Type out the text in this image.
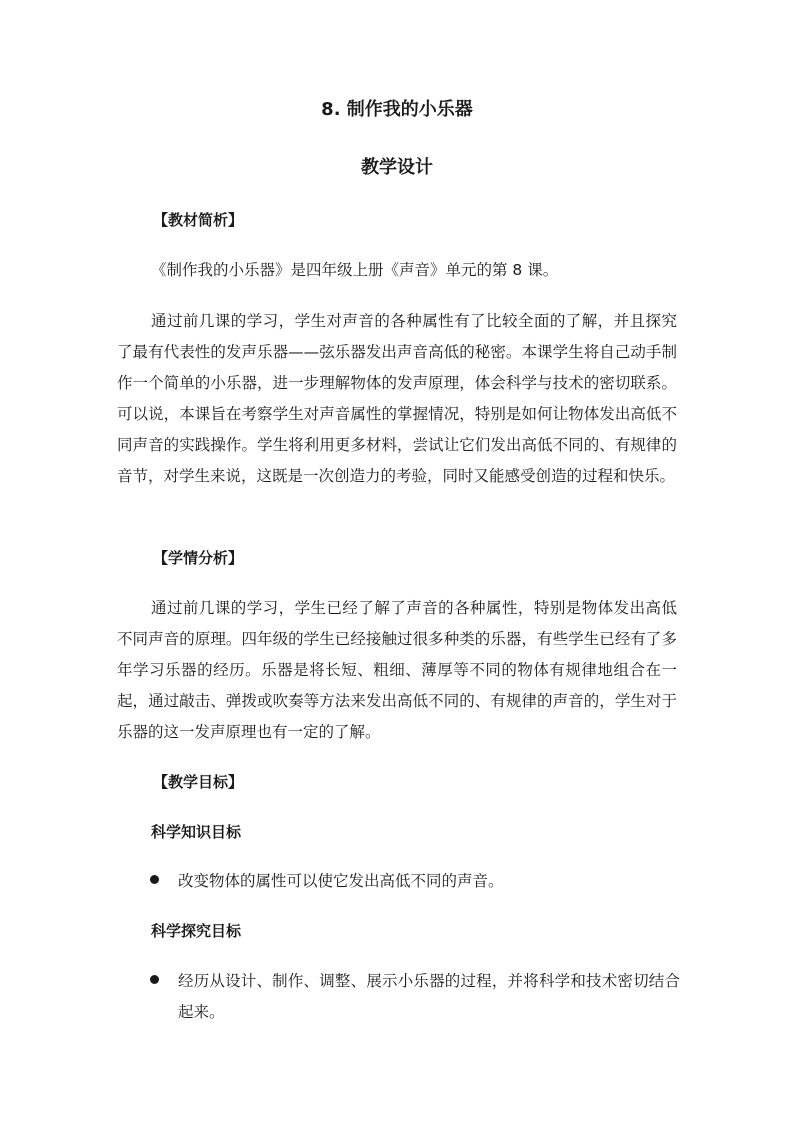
8. 制作我的小乐器
教学设计
【教材简析】

《制作我的小乐器》是四年级上册《声音》单元的第 8 课。

通过前几课的学习，学生对声音的各种属性有了比较全面的了解，并且探究了最有代表性的发声乐器——弦乐器发出声音高低的秘密。本课学生将自己动手制作一个简单的小乐器，进一步理解物体的发声原理，体会科学与技术的密切联系。可以说，本课旨在考察学生对声音属性的掌握情况，特别是如何让物体发出高低不同声音的实践操作。学生将利用更多材料，尝试让它们发出高低不同的、有规律的音节，对学生来说，这既是一次创造力的考验，同时又能感受创造的过程和快乐。

【学情分析】

通过前几课的学习，学生已经了解了声音的各种属性，特别是物体发出高低不同声音的原理。四年级的学生已经接触过很多种类的乐器，有些学生已经有了多年学习乐器的经历。乐器是将长短、粗细、薄厚等不同的物体有规律地组合在一起，通过敲击、弹拨或吹奏等方法来发出高低不同的、有规律的声音的，学生对于乐器的这一发声原理也有一定的了解。

【教学目标】
科学知识目标
改变物体的属性可以使它发出高低不同的声音。
科学探究目标
经历从设计、制作、调整、展示小乐器的过程，并将科学和技术密切结合起来。
